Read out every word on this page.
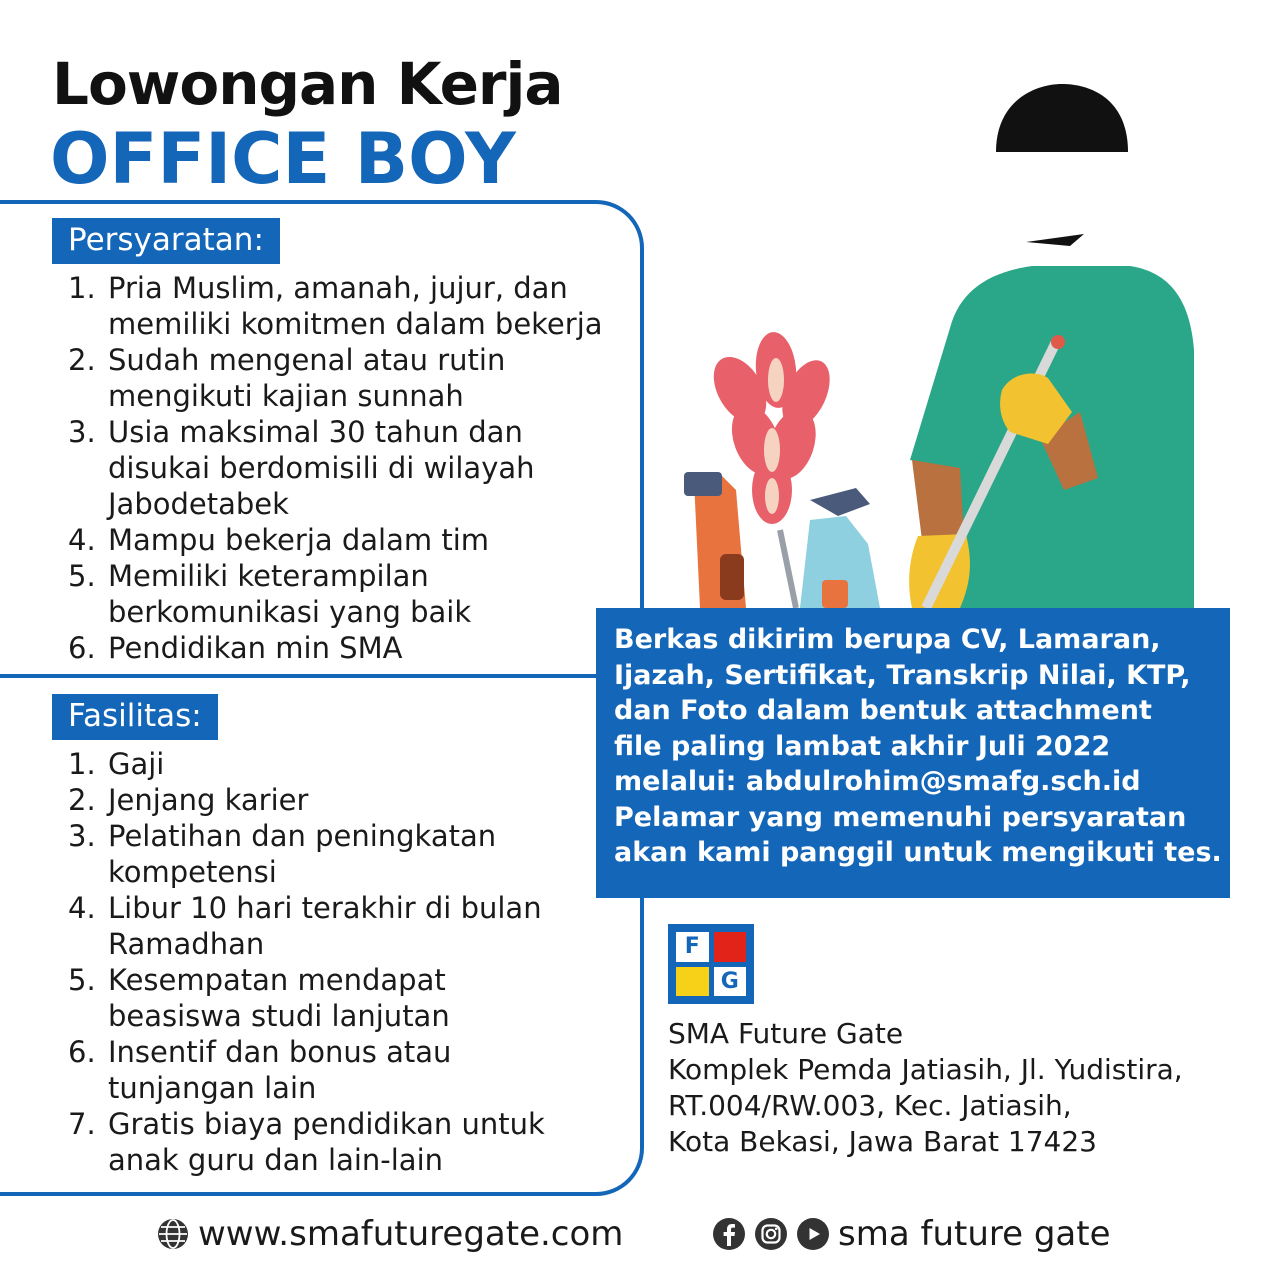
Lowongan Kerja
OFFICE BOY
Persyaratan:
1. Pria Muslim, amanah, jujur, dan
memiliki komitmen dalam bekerja
2. Sudah mengenal atau rutin
mengikuti kajian sunnah
3. Usia maksimal 30 tahun dan
disukai berdomisili di wilayah
Jabodetabek
4. Mampu bekerja dalam tim
5. Memiliki keterampilan
berkomunikasi yang baik
6. Pendidikan min SMA
Fasilitas:
1. Gaji
2. Jenjang karier
3. Pelatihan dan peningkatan
kompetensi
4. Libur 10 hari terakhir di bulan
Ramadhan
5. Kesempatan mendapat
beasiswa studi lanjutan
6. Insentif dan bonus atau
tunjangan lain
7. Gratis biaya pendidikan untuk
anak guru dan lain-lain
Berkas dikirim berupa CV, Lamaran,
Ijazah, Sertifikat, Transkrip Nilai, KTP,
dan Foto dalam bentuk attachment
file paling lambat akhir Juli 2022
melalui: abdulrohim@smafg.sch.id
Pelamar yang memenuhi persyaratan
akan kami panggil untuk mengikuti tes.
F
G
SMA Future Gate
Komplek Pemda Jatiasih, Jl. Yudistira,
RT.004/RW.003, Kec. Jatiasih,
Kota Bekasi, Jawa Barat 17423
www.smafuturegate.com	sma future gate
